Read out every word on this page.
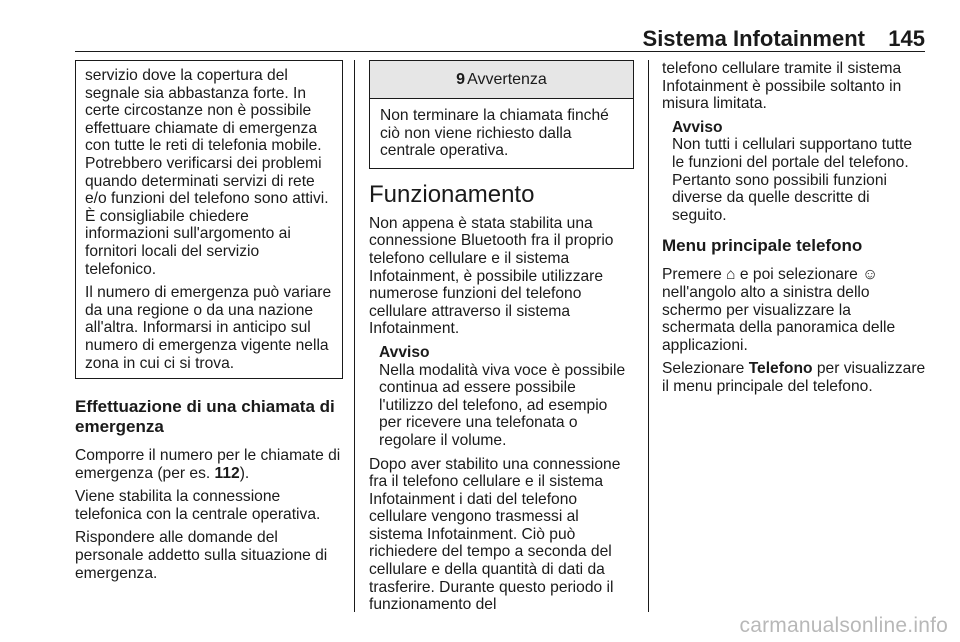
Sistema Infotainment 145

servizio dove la copertura del segnale sia abbastanza forte. In certe circostanze non è possibile effettuare chiamate di emergenza con tutte le reti di telefonia mobile. Potrebbero verificarsi dei problemi quando determinati servizi di rete e/o funzioni del telefono sono attivi. È consigliabile chiedere informazioni sull'argomento ai fornitori locali del servizio telefonico.

Il numero di emergenza può variare da una regione o da una nazione all'altra. Informarsi in anticipo sul numero di emergenza vigente nella zona in cui ci si trova.

Effettuazione di una chiamata di emergenza

Comporre il numero per le chiamate di emergenza (per es. 112).

Viene stabilita la connessione telefonica con la centrale operativa.

Rispondere alle domande del personale addetto sulla situazione di emergenza.

9 Avvertenza
Non terminare la chiamata finché ciò non viene richiesto dalla centrale operativa.
Funzionamento

Non appena è stata stabilita una connessione Bluetooth fra il proprio telefono cellulare e il sistema Infotainment, è possibile utilizzare numerose funzioni del telefono cellulare attraverso il sistema Infotainment.

Avviso

Nella modalità viva voce è possibile continua ad essere possibile l'utilizzo del telefono, ad esempio per ricevere una telefonata o regolare il volume.

Dopo aver stabilito una connessione fra il telefono cellulare e il sistema Infotainment i dati del telefono cellulare vengono trasmessi al sistema Infotainment. Ciò può richiedere del tempo a seconda del cellulare e della quantità di dati da trasferire. Durante questo periodo il funzionamento del

telefono cellulare tramite il sistema Infotainment è possibile soltanto in misura limitata.

Avviso

Non tutti i cellulari supportano tutte le funzioni del portale del telefono. Pertanto sono possibili funzioni diverse da quelle descritte di seguito.

Menu principale telefono

Premere ⌂ e poi selezionare ☺ nell'angolo alto a sinistra dello schermo per visualizzare la schermata della panoramica delle applicazioni.

Selezionare Telefono per visualizzare il menu principale del telefono.

carmanualsonline.info
